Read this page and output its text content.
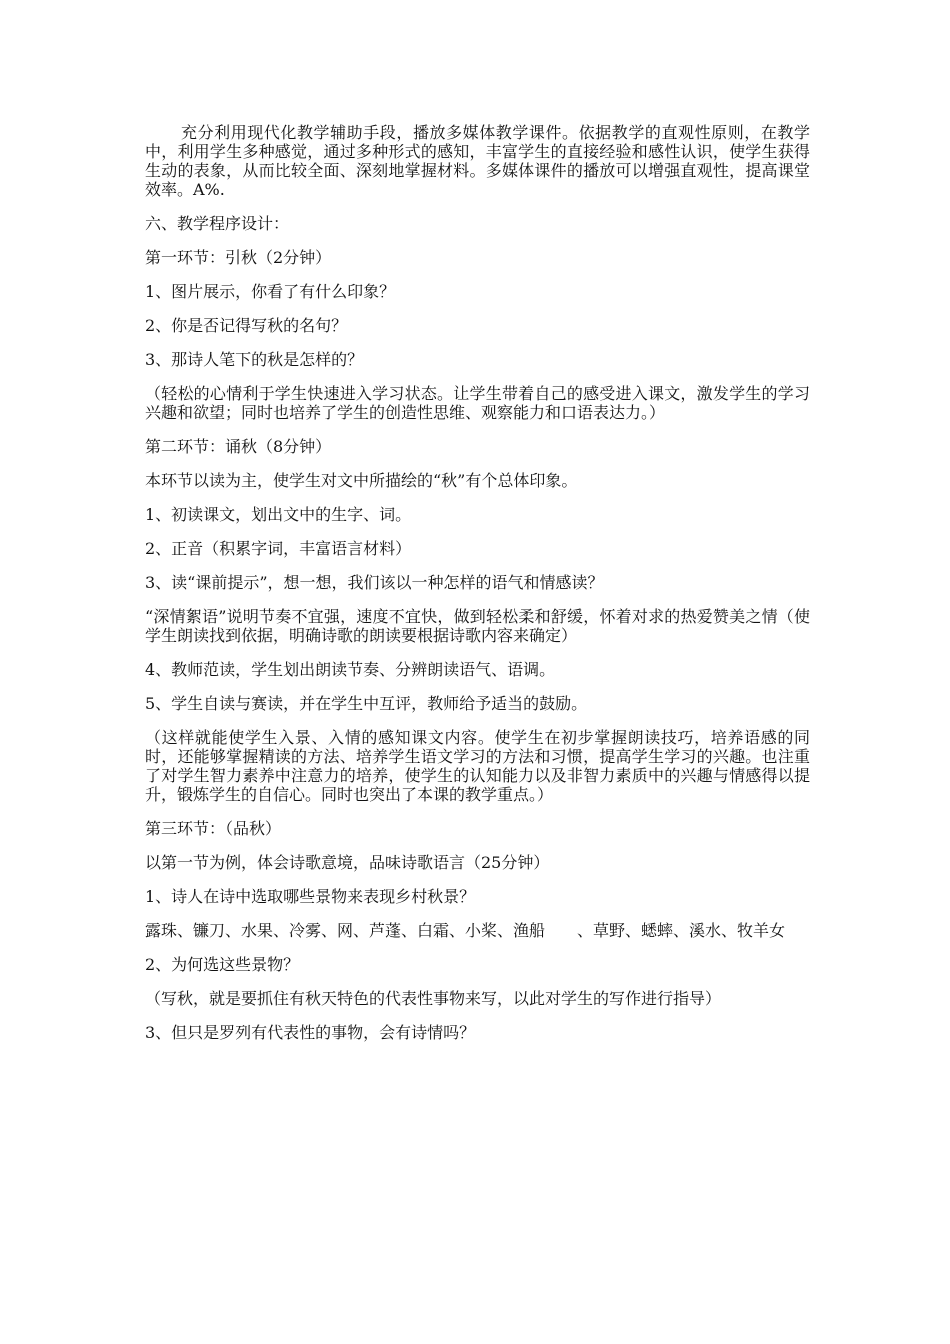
充分利用现代化教学辅助手段，播放多媒体教学课件。依据教学的直观性原则，在教学中，利用学生多种感觉，通过多种形式的感知，丰富学生的直接经验和感性认识，使学生获得生动的表象，从而比较全面、深刻地掌握材料。多媒体课件的播放可以增强直观性，提高课堂效率。A%.

六、教学程序设计：

第一环节：引秋（2分钟）

1、图片展示，你看了有什么印象？

2、你是否记得写秋的名句？

3、那诗人笔下的秋是怎样的？

（轻松的心情利于学生快速进入学习状态。让学生带着自己的感受进入课文，激发学生的学习兴趣和欲望；同时也培养了学生的创造性思维、观察能力和口语表达力。）

第二环节：诵秋（8分钟）

本环节以读为主，使学生对文中所描绘的“秋”有个总体印象。

1、初读课文，划出文中的生字、词。

2、正音（积累字词，丰富语言材料）

3、读“课前提示”，想一想，我们该以一种怎样的语气和情感读？

“深情絮语”说明节奏不宜强，速度不宜快，做到轻松柔和舒缓，怀着对求的热爱赞美之情（使学生朗读找到依据，明确诗歌的朗读要根据诗歌内容来确定）

4、教师范读，学生划出朗读节奏、分辨朗读语气、语调。

5、学生自读与赛读，并在学生中互评，教师给予适当的鼓励。

（这样就能使学生入景、入情的感知课文内容。使学生在初步掌握朗读技巧，培养语感的同时，还能够掌握精读的方法、培养学生语文学习的方法和习惯，提高学生学习的兴趣。也注重了对学生智力素养中注意力的培养，使学生的认知能力以及非智力素质中的兴趣与情感得以提升，锻炼学生的自信心。同时也突出了本课的教学重点。）

第三环节：（品秋）

以第一节为例，体会诗歌意境，品味诗歌语言（25分钟）

1、诗人在诗中选取哪些景物来表现乡村秋景？

露珠、镰刀、水果、冷雾、网、芦蓬、白霜、小桨、渔船　　、草野、蟋蟀、溪水、牧羊女

2、为何选这些景物？

（写秋，就是要抓住有秋天特色的代表性事物来写，以此对学生的写作进行指导）

3、但只是罗列有代表性的事物，会有诗情吗？
